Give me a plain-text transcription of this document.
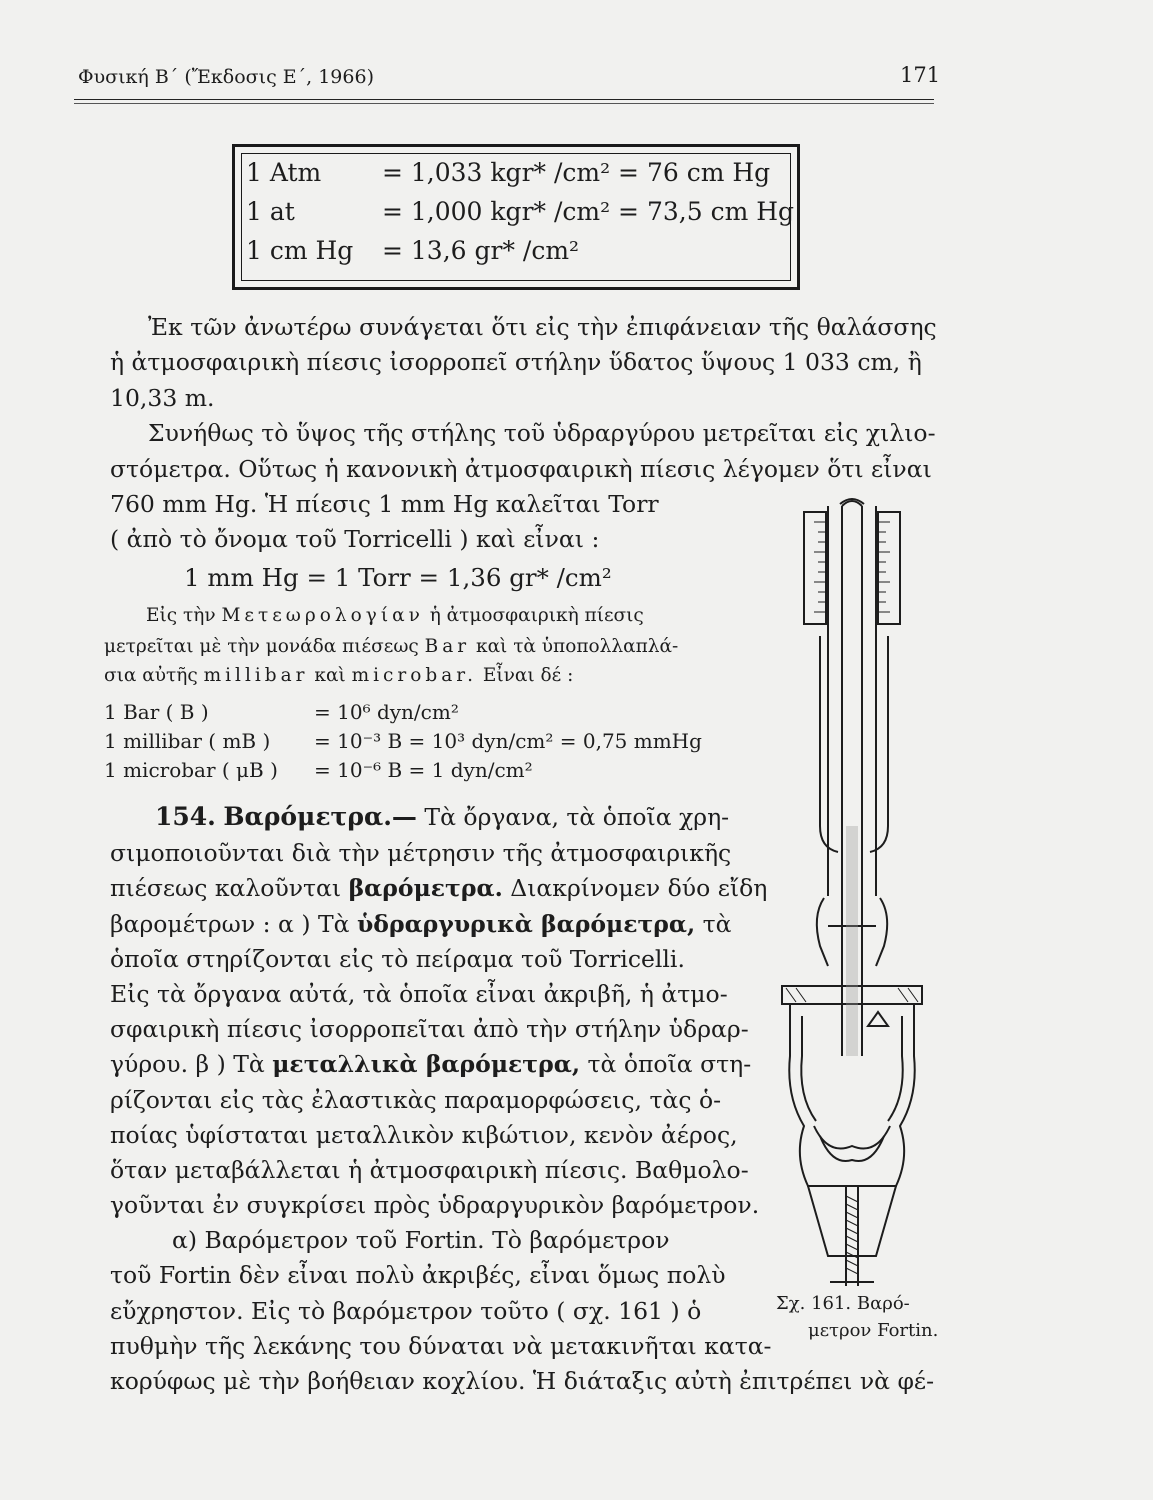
Φυσική Β΄ (Ἔκδοσις Ε΄, 1966)	171
1 Atm = 1,033 kgr* /cm² = 76 cm Hg
1 at	= 1,000 kgr* /cm² = 73,5 cm Hg
1 cm Hg = 13,6 gr* /cm²
Ἐκ τῶν ἀνωτέρω συνάγεται ὅτι εἰς τὴν ἐπιφάνειαν τῆς θαλάσσης
ἡ ἀτμοσφαιρικὴ πίεσις ἰσορροπεῖ στήλην ὕδατος ὕψους 1 033 cm, ἢ
10,33 m.
Συνήθως τὸ ὕψος τῆς στήλης τοῦ ὑδραργύρου μετρεῖται εἰς χιλιο-
στόμετρα. Οὕτως ἡ κανονικὴ ἀτμοσφαιρικὴ πίεσις λέγομεν ὅτι εἶναι
760 mm Hg. Ἡ πίεσις 1 mm Hg καλεῖται Torr
( ἀπὸ τὸ ὄνομα τοῦ Torricelli ) καὶ εἶναι :
1 mm Hg = 1 Torr = 1,36 gr* /cm²
Εἰς τὴν Μετεωρολογίαν ἡ ἀτμοσφαιρικὴ πίεσις
μετρεῖται μὲ τὴν μονάδα πιέσεως Bar καὶ τὰ ὑποπολλαπλά-
σια αὐτῆς millibar καὶ microbar. Εἶναι δέ :
1 Bar ( B )	= 10⁶ dyn/cm²
1 millibar ( mB ) = 10⁻³ B = 10³ dyn/cm² = 0,75 mmHg
1 microbar ( μB ) = 10⁻⁶ B = 1 dyn/cm²
154. Βαρόμετρα.— Τὰ ὄργανα, τὰ ὁποῖα χρη-
σιμοποιοῦνται διὰ τὴν μέτρησιν τῆς ἀτμοσφαιρικῆς
πιέσεως καλοῦνται βαρόμετρα. Διακρίνομεν δύο εἴδη
βαρομέτρων : α ) Τὰ ὑδραργυρικὰ βαρόμετρα, τὰ
ὁποῖα στηρίζονται εἰς τὸ πείραμα τοῦ Torricelli.
Εἰς τὰ ὄργανα αὐτά, τὰ ὁποῖα εἶναι ἀκριβῆ, ἡ ἀτμο-
σφαιρικὴ πίεσις ἰσορροπεῖται ἀπὸ τὴν στήλην ὑδραρ-
γύρου. β ) Τὰ μεταλλικὰ βαρόμετρα, τὰ ὁποῖα στη-
ρίζονται εἰς τὰς ἐλαστικὰς παραμορφώσεις, τὰς ὁ-
ποίας ὑφίσταται μεταλλικὸν κιβώτιον, κενὸν ἀέρος,
ὅταν μεταβάλλεται ἡ ἀτμοσφαιρικὴ πίεσις. Βαθμολο-
γοῦνται ἐν συγκρίσει πρὸς ὑδραργυρικὸν βαρόμετρον.
α) Βαρόμετρον τοῦ Fortin. Τὸ βαρόμετρον
τοῦ Fortin δὲν εἶναι πολὺ ἀκριβές, εἶναι ὅμως πολὺ
εὔχρηστον. Εἰς τὸ βαρόμετρον τοῦτο ( σχ. 161 ) ὁ
πυθμὴν τῆς λεκάνης του δύναται νὰ μετακινῆται κατα-
κορύφως μὲ τὴν βοήθειαν κοχλίου. Ἡ διάταξις αὐτὴ ἐπιτρέπει νὰ φέ-
Σχ. 161. Βαρό-
μετρον Fortin.
